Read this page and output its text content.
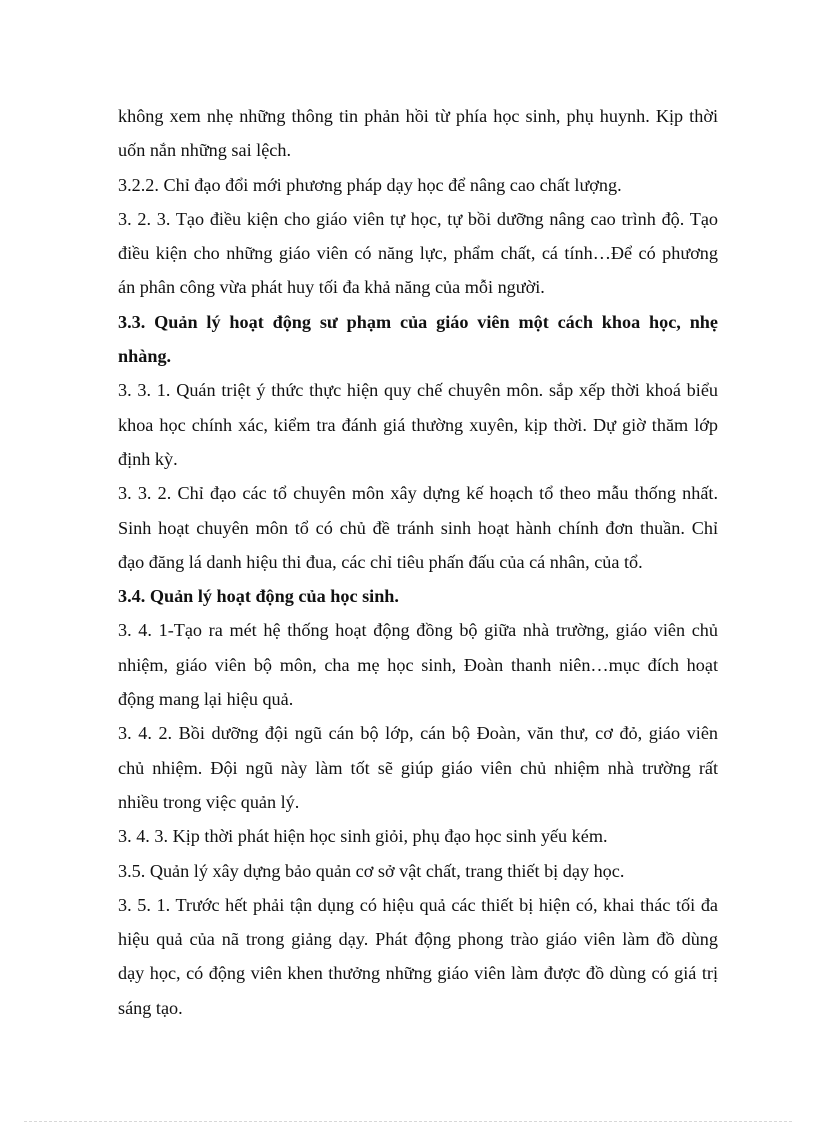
không xem nhẹ những thông tin phản hồi từ phía học sinh, phụ huynh. Kịp thời
uốn nắn những sai lệch.
3.2.2. Chỉ đạo đổi mới phương pháp dạy học để nâng cao chất lượng.
3. 2. 3. Tạo điều kiện cho giáo viên tự học, tự bồi dưỡng nâng cao trình độ. Tạo
điều kiện cho những giáo viên có năng lực, phẩm chất, cá tính…Để có phương
án phân công vừa phát huy tối đa khả năng của mỗi người.
3.3. Quản lý hoạt động sư phạm của giáo viên một cách khoa học, nhẹ
nhàng.
3. 3. 1. Quán triệt ý thức thực hiện quy chế chuyên môn. sắp xếp thời khoá biểu
khoa học chính xác, kiểm tra đánh giá thường xuyên, kịp thời. Dự giờ thăm lớp
định kỳ.
3. 3. 2. Chỉ đạo các tổ chuyên môn xây dựng kế hoạch tổ theo mẫu thống nhất.
Sinh hoạt chuyên môn tổ có chủ đề tránh sinh hoạt hành chính đơn thuần. Chỉ
đạo đăng lá danh hiệu thi đua, các chỉ tiêu phấn đấu của cá nhân, của tổ.
3.4. Quản lý hoạt động của học sinh.
3. 4. 1-Tạo ra mét hệ thống hoạt động đồng bộ giữa nhà trường, giáo viên chủ
nhiệm, giáo viên bộ môn, cha mẹ học sinh, Đoàn thanh niên…mục đích hoạt
động mang lại hiệu quả.
3. 4. 2. Bồi dưỡng đội ngũ cán bộ lớp, cán bộ Đoàn, văn thư, cơ đỏ, giáo viên
chủ nhiệm. Đội ngũ này làm tốt sẽ giúp giáo viên chủ nhiệm nhà trường rất
nhiều trong việc quản lý.
3. 4. 3. Kịp thời phát hiện học sinh giỏi, phụ đạo học sinh yếu kém.
3.5. Quản lý xây dựng bảo quản cơ sở vật chất, trang thiết bị dạy học.
3. 5. 1. Trước hết phải tận dụng có hiệu quả các thiết bị hiện có, khai thác tối đa
hiệu quả của nã trong giảng dạy. Phát động phong trào giáo viên làm đồ dùng
dạy học, có động viên khen thưởng những giáo viên làm được đồ dùng có giá trị
sáng tạo.
